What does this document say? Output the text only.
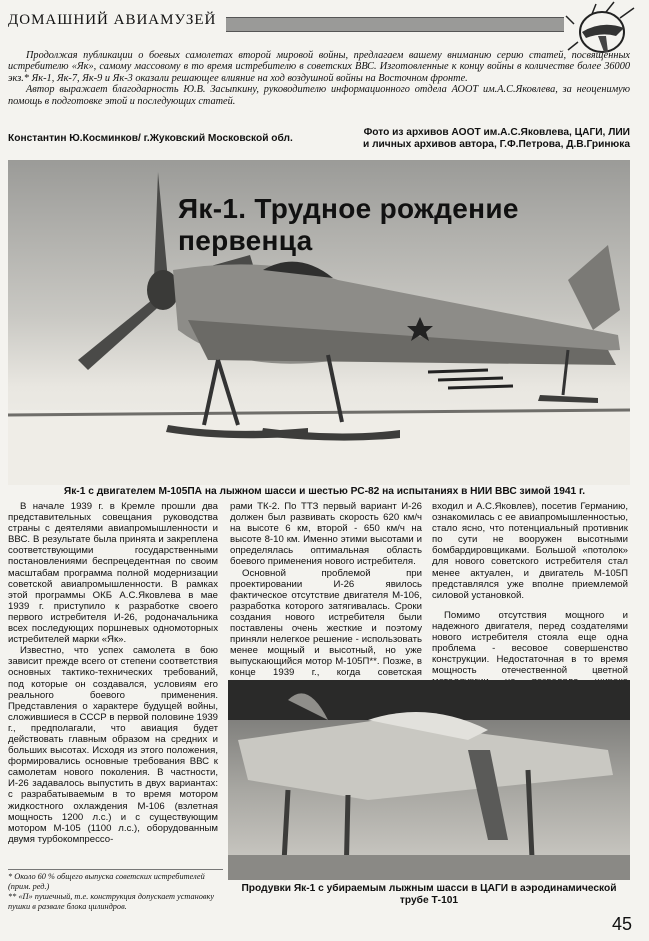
ДОМАШНИЙ АВИАМУЗЕЙ

Продолжая публикации о боевых самолетах второй мировой войны, предлагаем вашему вниманию серию статей, посвященных истребителю «Як», самому массовому в то время истребителю в советских ВВС. Изготовленные к концу войны в количестве более 36000 экз.* Як-1, Як-7, Як-9 и Як-3 оказали решающее влияние на ход воздушной войны на Восточном фронте.

Автор выражает благодарность Ю.В. Засыпкину, руководителю информационного отдела АООТ им.А.С.Яковлева, за неоценимую помощь в подготовке этой и последующих статей.

Константин Ю.Косминков/ г.Жуковский Московской обл.
Фото из архивов АООТ им.А.С.Яковлева, ЦАГИ, ЛИИ
и личных архивов автора, Г.Ф.Петрова, Д.В.Гринюка
Як-1. Трудное рождение первенца
Як-1 с двигателем М-105ПА на лыжном шасси и шестью РС-82 на испытаниях в НИИ ВВС зимой 1941 г.

В начале 1939 г. в Кремле прошли два представительных совещания руководства страны с деятелями авиапромышленности и ВВС. В результате была принята и закреплена соответствующими государственными постановлениями беспрецедентная по своим масштабам программа полной модернизации советской авиапромышленности. В рамках этой программы ОКБ А.С.Яковлева в мае 1939 г. приступило к разработке своего первого истребителя И-26, родоначальника всех последующих поршневых одномоторных истребителей марки «Як».

Известно, что успех самолета в бою зависит прежде всего от степени соответствия основных тактико-технических требований, под которые он создавался, условиям его реального боевого применения. Представления о характере будущей войны, сложившиеся в СССР в первой половине 1939 г., предполагали, что авиация будет действовать главным образом на средних и больших высотах. Исходя из этого положения, формировались основные требования ВВС к самолетам нового поколения. В частности, И-26 задавалось выпустить в двух вариантах: с разрабатываемым в то время мотором жидкостного охлаждения М-106 (взлетная мощность 1200 л.с.) и с существующим мотором М-105 (1100 л.с.), оборудованным двумя турбокомпрессо-

рами ТК-2. По ТТЗ первый вариант И-26 должен был развивать скорость 620 км/ч на высоте 6 км, второй - 650 км/ч на высоте 8-10 км. Именно этими высотами и определялась оптимальная область боевого применения нового истребителя.

Основной проблемой при проектировании И-26 явилось фактическое отсутствие двигателя М-106, разработка которого затягивалась. Сроки создания нового истребителя были поставлены очень жесткие и поэтому приняли нелегкое решение - использовать менее мощный и высотный, но уже выпускающийся мотор М-105П**. Позже, в конце 1939 г., когда советская

входил и А.С.Яковлев), посетив Германию, ознакомилась с ее авиапромышленностью, стало ясно, что потенциальный противник по сути не вооружен высотными бомбардировщиками. Большой «потолок» для нового советского истребителя стал менее актуален, и двигатель М-105П представлялся уже вполне приемлемой силовой установкой.

Помимо отсутствия мощного и надежного двигателя, перед создателями нового истребителя стояла еще одна проблема - весовое совершенство конструкции. Недостаточная в то время мощность отечественной цветной

Продувки Як-1 с убираемым лыжным шасси в ЦАГИ в аэродинамической
трубе Т-101
* Около 60 % общего выпуска советских истребителей (прим. ред.)
** «П» пушечный, т.е. конструкция допускает установку пушки в развале блока цилиндров.
45
